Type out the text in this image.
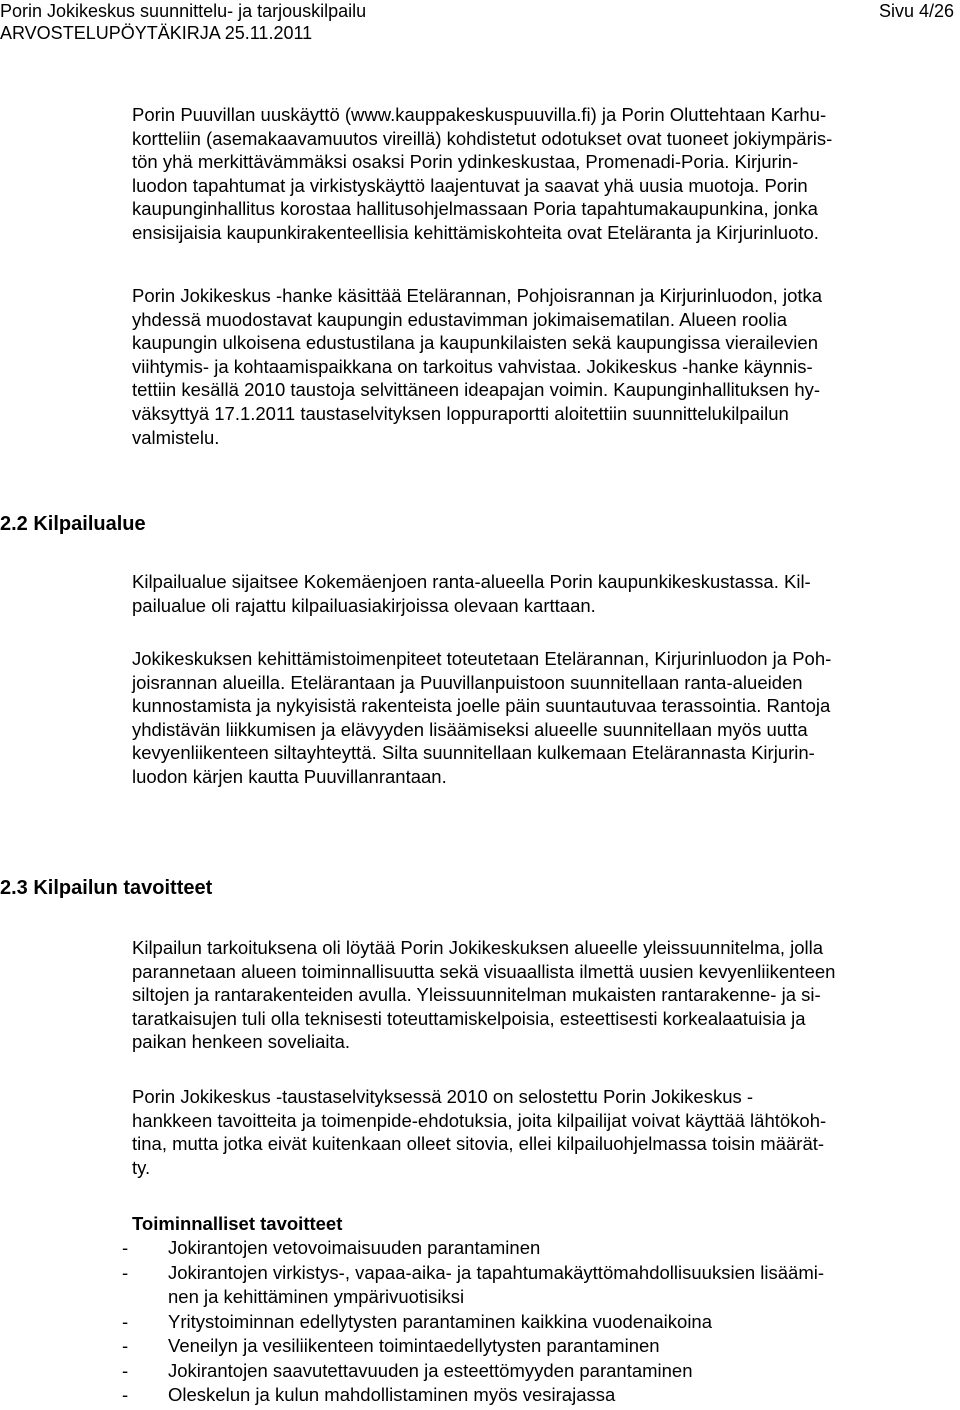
Porin Jokikeskus suunnittelu- ja tarjouskilpailu
ARVOSTELUPÖYTÄKIRJA 25.11.2011
Sivu 4/26

Porin Puuvillan uuskäyttö (www.kauppakeskuspuuvilla.fi) ja Porin Oluttehtaan Karhu-

kortteliin (asemakaavamuutos vireillä) kohdistetut odotukset ovat tuoneet jokiympäris-

tön yhä merkittävämmäksi osaksi Porin ydinkeskustaa, Promenadi-Poria. Kirjurin-

luodon tapahtumat ja virkistyskäyttö laajentuvat ja saavat yhä uusia muotoja. Porin

kaupunginhallitus korostaa hallitusohjelmassaan Poria tapahtumakaupunkina, jonka

ensisijaisia kaupunkirakenteellisia kehittämiskohteita ovat Eteläranta ja Kirjurinluoto.

Porin Jokikeskus -hanke käsittää Etelärannan, Pohjoisrannan ja Kirjurinluodon, jotka

yhdessä muodostavat kaupungin edustavimman jokimaisematilan. Alueen roolia

kaupungin ulkoisena edustustilana ja kaupunkilaisten sekä kaupungissa vierailevien

viihtymis- ja kohtaamispaikkana on tarkoitus vahvistaa. Jokikeskus -hanke käynnis-

tettiin kesällä 2010 taustoja selvittäneen ideapajan voimin. Kaupunginhallituksen hy-

väksyttyä 17.1.2011 taustaselvityksen loppuraportti aloitettiin suunnittelukilpailun

valmistelu.

2.2 Kilpailualue

Kilpailualue sijaitsee Kokemäenjoen ranta-alueella Porin kaupunkikeskustassa. Kil-

pailualue oli rajattu kilpailuasiakirjoissa olevaan karttaan.

Jokikeskuksen kehittämistoimenpiteet toteutetaan Etelärannan, Kirjurinluodon ja Poh-

joisrannan alueilla. Etelärantaan ja Puuvillanpuistoon suunnitellaan ranta-alueiden

kunnostamista ja nykyisistä rakenteista joelle päin suuntautuvaa terassointia. Rantoja

yhdistävän liikkumisen ja elävyyden lisäämiseksi alueelle suunnitellaan myös uutta

kevyenliikenteen siltayhteyttä. Silta suunnitellaan kulkemaan Etelärannasta Kirjurin-

luodon kärjen kautta Puuvillanrantaan.

2.3 Kilpailun tavoitteet

Kilpailun tarkoituksena oli löytää Porin Jokikeskuksen alueelle yleissuunnitelma, jolla

parannetaan alueen toiminnallisuutta sekä visuaallista ilmettä uusien kevyenliikenteen

siltojen ja rantarakenteiden avulla. Yleissuunnitelman mukaisten rantarakenne- ja si-

taratkaisujen tuli olla teknisesti toteuttamiskelpoisia, esteettisesti korkealaatuisia ja

paikan henkeen soveliaita.

Porin Jokikeskus -taustaselvityksessä 2010 on selostettu Porin Jokikeskus -

hankkeen tavoitteita ja toimenpide-ehdotuksia, joita kilpailijat voivat käyttää lähtökoh-

tina, mutta jotka eivät kuitenkaan olleet sitovia, ellei kilpailuohjelmassa toisin määrät-

ty.

Toiminnalliset tavoitteet
- Jokirantojen vetovoimaisuuden parantaminen
- Jokirantojen virkistys-, vapaa-aika- ja tapahtumakäyttömahdollisuuksien lisäämi-
nen ja kehittäminen ympärivuotisiksi
- Yritystoiminnan edellytysten parantaminen kaikkina vuodenaikoina
- Veneilyn ja vesiliikenteen toimintaedellytysten parantaminen
- Jokirantojen saavutettavuuden ja esteettömyyden parantaminen
- Oleskelun ja kulun mahdollistaminen myös vesirajassa
